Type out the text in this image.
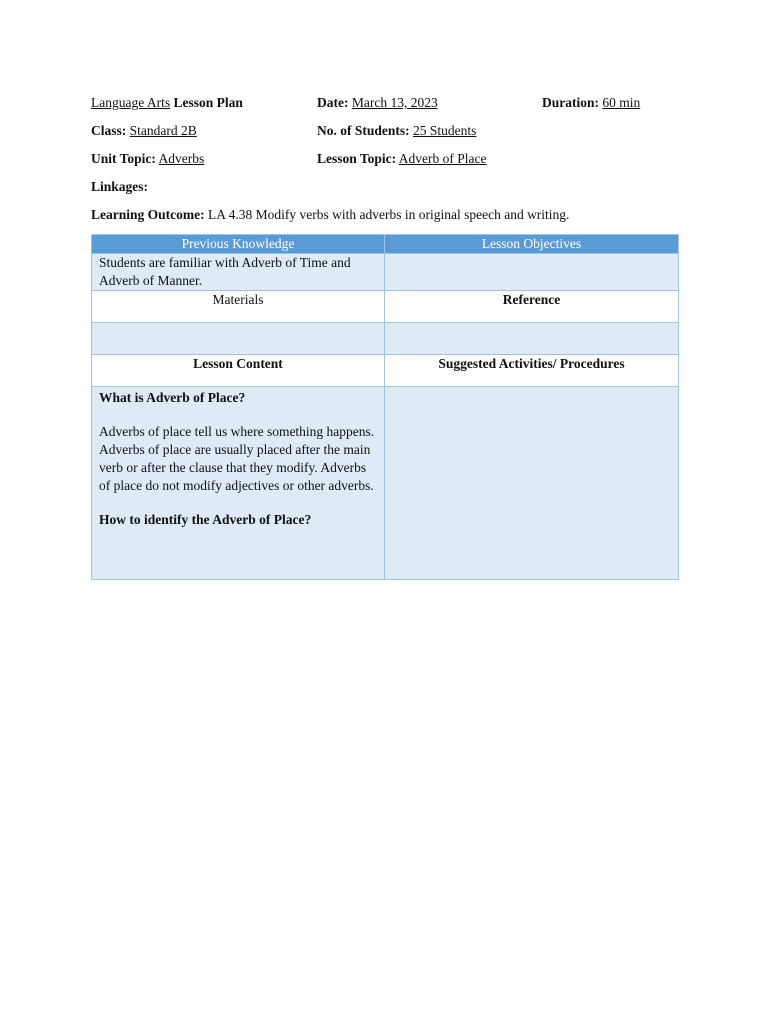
Language Arts Lesson Plan	Date: March 13, 2023	Duration: 60 min
Class: Standard 2B	No. of Students: 25 Students
Unit Topic: Adverbs	Lesson Topic: Adverb of Place
Linkages:
Learning Outcome: LA 4.38 Modify verbs with adverbs in original speech and writing.
Previous Knowledge	Lesson Objectives
Students are familiar with Adverb of Time and Adverb of Manner.	
Materials	Reference

Lesson Content	Suggested Activities/ Procedures

What is Adverb of Place?

Adverbs of place tell us where something happens. Adverbs of place are usually placed after the main verb or after the clause that they modify. Adverbs of place do not modify adjectives or other adverbs.

How to identify the Adverb of Place?	
